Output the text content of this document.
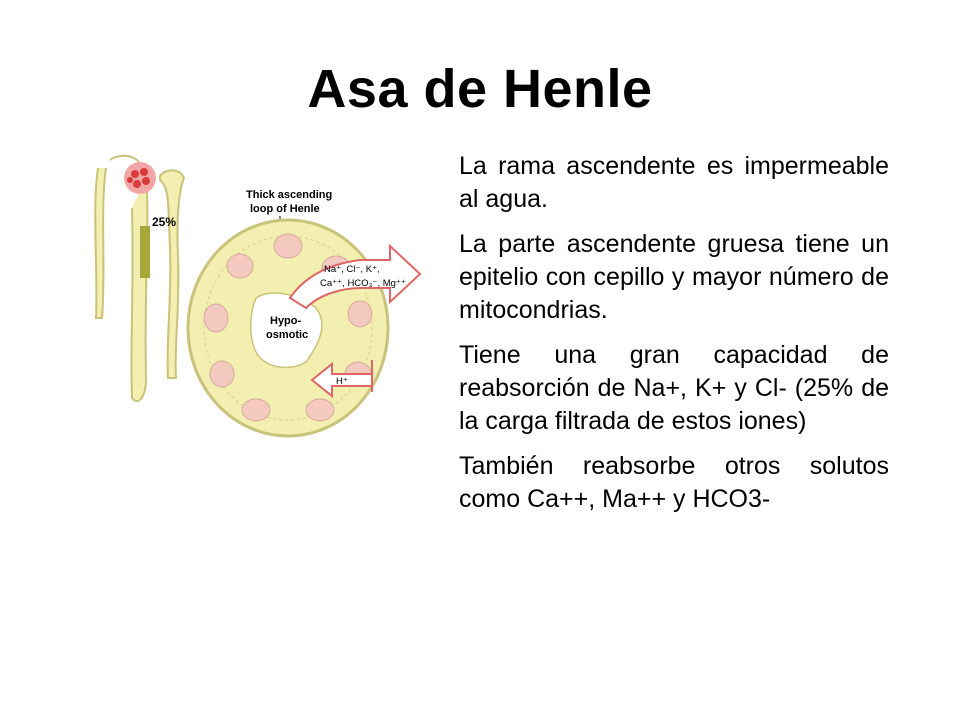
Asa de Henle
25%
Thick ascending
loop of Henle
Na⁺, Cl⁻, K⁺,
Ca⁺⁺, HCO₃⁻, Mg⁺⁺
Hypo-
osmotic
H⁺

La rama ascendente es impermeable al agua.

La parte ascendente gruesa tiene un epitelio con cepillo y mayor número de mitocondrias.

Tiene una gran capacidad de reabsorción de Na+, K+ y Cl- (25% de la carga filtrada de estos iones)

También reabsorbe otros solutos como Ca++, Ma++ y HCO3-
